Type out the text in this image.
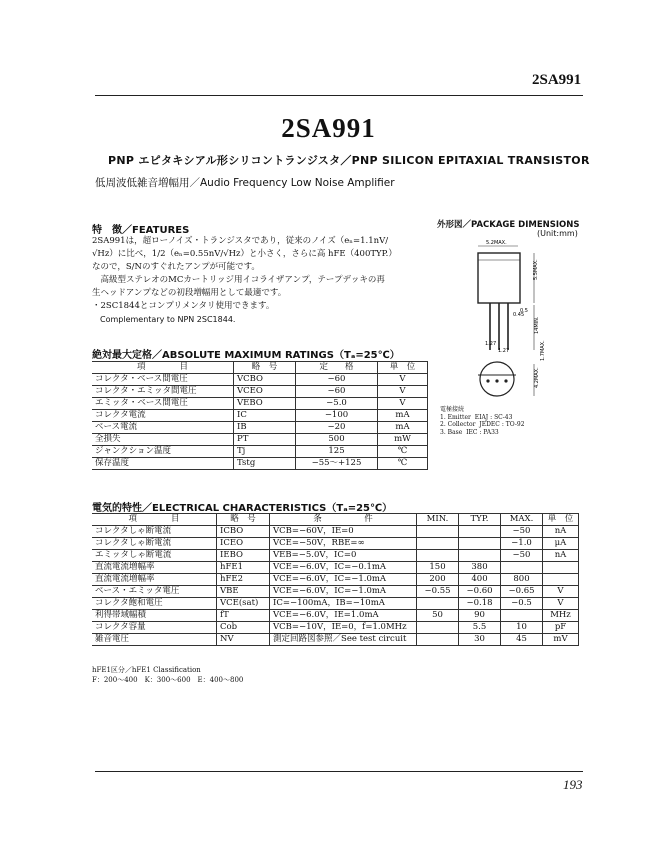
2SA991
2SA991
PNP エピタキシアル形シリコントランジスタ／PNP SILICON EPITAXIAL TRANSISTOR
低周波低雑音増幅用／Audio Frequency Low Noise Amplifier
特　徴／FEATURES
2SA991は，超ローノイズ・トランジスタであり，従来のノイズ（eₙ=1.1nV/
√Hz）に比べ，1/2（eₙ=0.55nV/√Hz）と小さく，さらに高 hFE（400TYP.）
なので，S/Nのすぐれたアンプが可能です。
　高級型ステレオのMCカートリッジ用イコライザアンプ，テープデッキの再
生ヘッドアンプなどの初段増幅用として最適です。
・2SC1844とコンプリメンタリ使用できます。
　Complementary to NPN 2SC1844.
外形図／PACKAGE DIMENSIONS
(Unit:mm)
5.2MAX.
5.5MAX.
14MIN.
0.45
1.27
1.27
4.2MAX.
1.7MAX.
0.5
電極接続
1. Emitter EIAJ : SC-43
2. Collector JEDEC : TO-92
3. Base IEC : PA33
絶対最大定格／ABSOLUTE MAXIMUM RATINGS（Tₐ=25℃）
項　　　　目	略　号	定　　格	単　位
コレクタ・ベース間電圧	VCBO	−60	V
コレクタ・エミッタ間電圧	VCEO	−60	V
エミッタ・ベース間電圧	VEBO	−5.0	V
コレクタ電流	IC	−100	mA
ベース電流	IB	−20	mA
全損失	PT	500	mW
ジャンクション温度	Tj	125	℃
保存温度	Tstg	−55～+125	℃
電気的特性／ELECTRICAL CHARACTERISTICS（Tₐ=25℃）
項　　　　目	略　号	条　　　　　件	MIN.	TYP.	MAX.	単　位
コレクタしゃ断電流	ICBO	VCB=−60V，IE=0			−50	nA
コレクタしゃ断電流	ICEO	VCE=−50V，RBE=∞			−1.0	μA
エミッタしゃ断電流	IEBO	VEB=−5.0V，IC=0			−50	nA
直流電流増幅率	hFE1	VCE=−6.0V，IC=−0.1mA	150	380		
直流電流増幅率	hFE2	VCE=−6.0V，IC=−1.0mA	200	400	800	
ベース・エミッタ電圧	VBE	VCE=−6.0V，IC=−1.0mA	−0.55	−0.60	−0.65	V
コレクタ飽和電圧	VCE(sat)	IC=−100mA，IB=−10mA		−0.18	−0.5	V
利得帯域幅積	fT	VCE=−6.0V，IE=1.0mA	50	90		MHz
コレクタ容量	Cob	VCB=−10V，IE=0，f=1.0MHz		5.5	10	pF
雑音電圧	NV	測定回路図参照／See test circuit		30	45	mV
hFE1区分／hFE1 Classification
F：200～400　K：300～600　E：400～800
193
